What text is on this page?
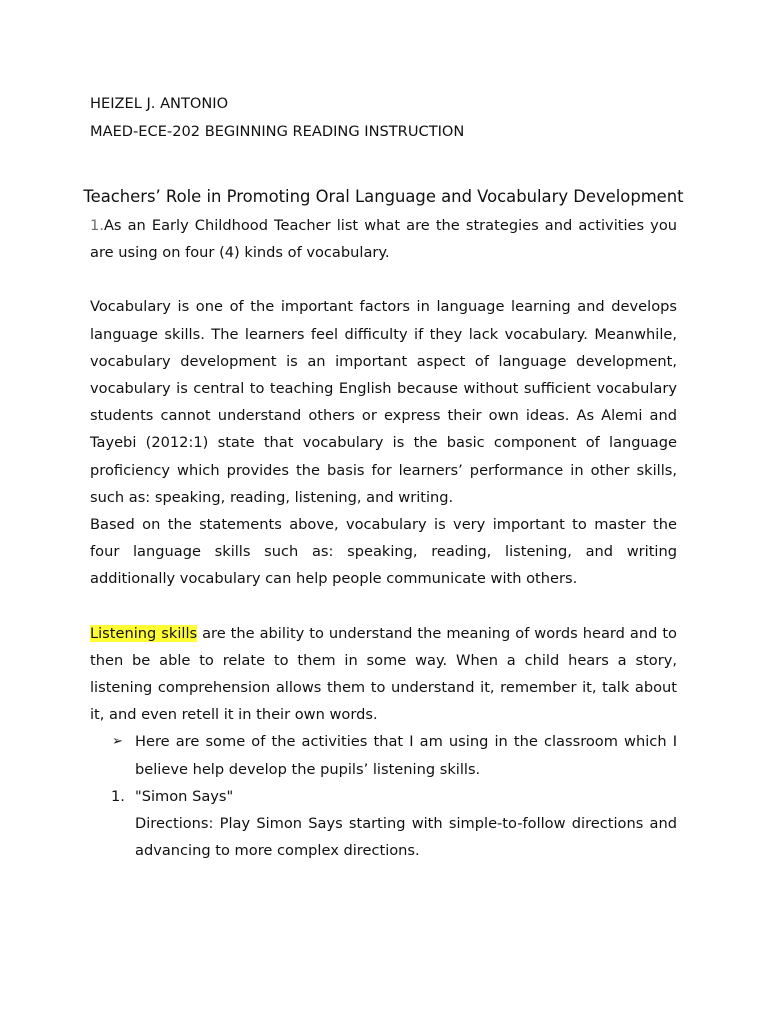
HEIZEL J. ANTONIO

MAED-ECE-202 BEGINNING READING INSTRUCTION

Teachers’ Role in Promoting Oral Language and Vocabulary Development

1.As an Early Childhood Teacher list what are the strategies and activities you are using on four (4) kinds of vocabulary.

Vocabulary is one of the important factors in language learning and develops language skills. The learners feel difficulty if they lack vocabulary. Meanwhile, vocabulary development is an important aspect of language development, vocabulary is central to teaching English because without sufficient vocabulary students cannot understand others or express their own ideas. As Alemi and Tayebi (2012:1) state that vocabulary is the basic component of language proficiency which provides the basis for learners’ performance in other skills, such as: speaking, reading, listening, and writing.

Based on the statements above, vocabulary is very important to master the four language skills such as: speaking, reading, listening, and writing additionally vocabulary can help people communicate with others.

Listening skills are the ability to understand the meaning of words heard and to then be able to relate to them in some way. When a child hears a story, listening comprehension allows them to understand it, remember it, talk about it, and even retell it in their own words.

➢ Here are some of the activities that I am using in the classroom which I believe help develop the pupils’ listening skills.

1. "Simon Says"

Directions: Play Simon Says starting with simple-to-follow directions and advancing to more complex directions.
